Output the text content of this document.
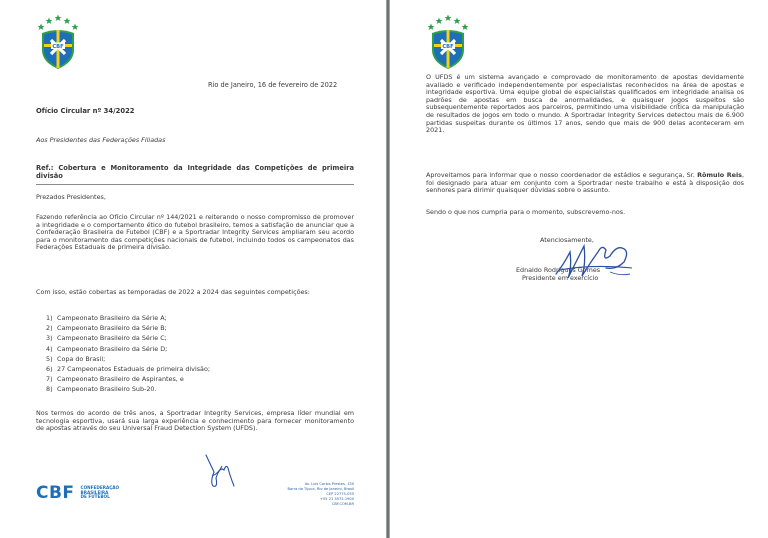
CBF
Rio de Janeiro, 16 de fevereiro de 2022
Ofício Circular nº 34/2022
Aos Presidentes das Federações Filiadas
Ref.: Cobertura e Monitoramento da Integridade das Competições de primeira divisão
Prezados Presidentes,
Fazendo referência ao Ofício Circular nº 144/2021 e reiterando o nosso compromisso de promover a integridade e o comportamento ético do futebol brasileiro, temos a satisfação de anunciar que a Confederação Brasileira de Futebol (CBF) e a Sportradar Integrity Services ampliaram seu acordo para o monitoramento das competições nacionais de futebol, incluindo todos os campeonatos das Federações Estaduais de primeira divisão.
Com isso, estão cobertas as temporadas de 2022 a 2024 das seguintes competições:
1) Campeonato Brasileiro da Série A;
2) Campeonato Brasileiro da Série B;
3) Campeonato Brasileiro da Série C;
4) Campeonato Brasileiro da Série D;
5) Copa do Brasil;
6) 27 Campeonatos Estaduais de primeira divisão;
7) Campeonato Brasileiro de Aspirantes, e
8) Campeonato Brasileiro Sub-20.
Nos termos do acordo de três anos, a Sportradar Integrity Services, empresa líder mundial em tecnologia esportiva, usará sua larga experiência e conhecimento para fornecer monitoramento de apostas através do seu Universal Fraud Detection System (UFDS).
CBF CONFEDERAÇÃO
BRASILEIRA
DE FUTEBOL
Av. Luís Carlos Prestes, 130
Barra da Tijuca, Rio de Janeiro, Brasil
CEP 22775-055
+55 21 3572-1900
CBF.COM.BR
CBF
O UFDS é um sistema avançado e comprovado de monitoramento de apostas devidamente avaliado e verificado independentemente por especialistas reconhecidos na área de apostas e integridade esportiva. Uma equipe global de especialistas qualificados em integridade analisa os padrões de apostas em busca de anormalidades, e quaisquer jogos suspeitos são subsequentemente reportados aos parceiros, permitindo uma visibilidade crítica da manipulação de resultados de jogos em todo o mundo. A Sportradar Integrity Services detectou mais de 6.900 partidas suspeitas durante os últimos 17 anos, sendo que mais de 900 delas aconteceram em 2021.
Aproveitamos para informar que o nosso coordenador de estádios e segurança, Sr. Rômulo Reis, foi designado para atuar em conjunto com a Sportradar neste trabalho e está à disposição dos senhores para dirimir quaisquer dúvidas sobre o assunto.
Sendo o que nos cumpria para o momento, subscrevemo-nos.
Atenciosamente,
Ednaldo Rodrigues Gomes
Presidente em exercício
